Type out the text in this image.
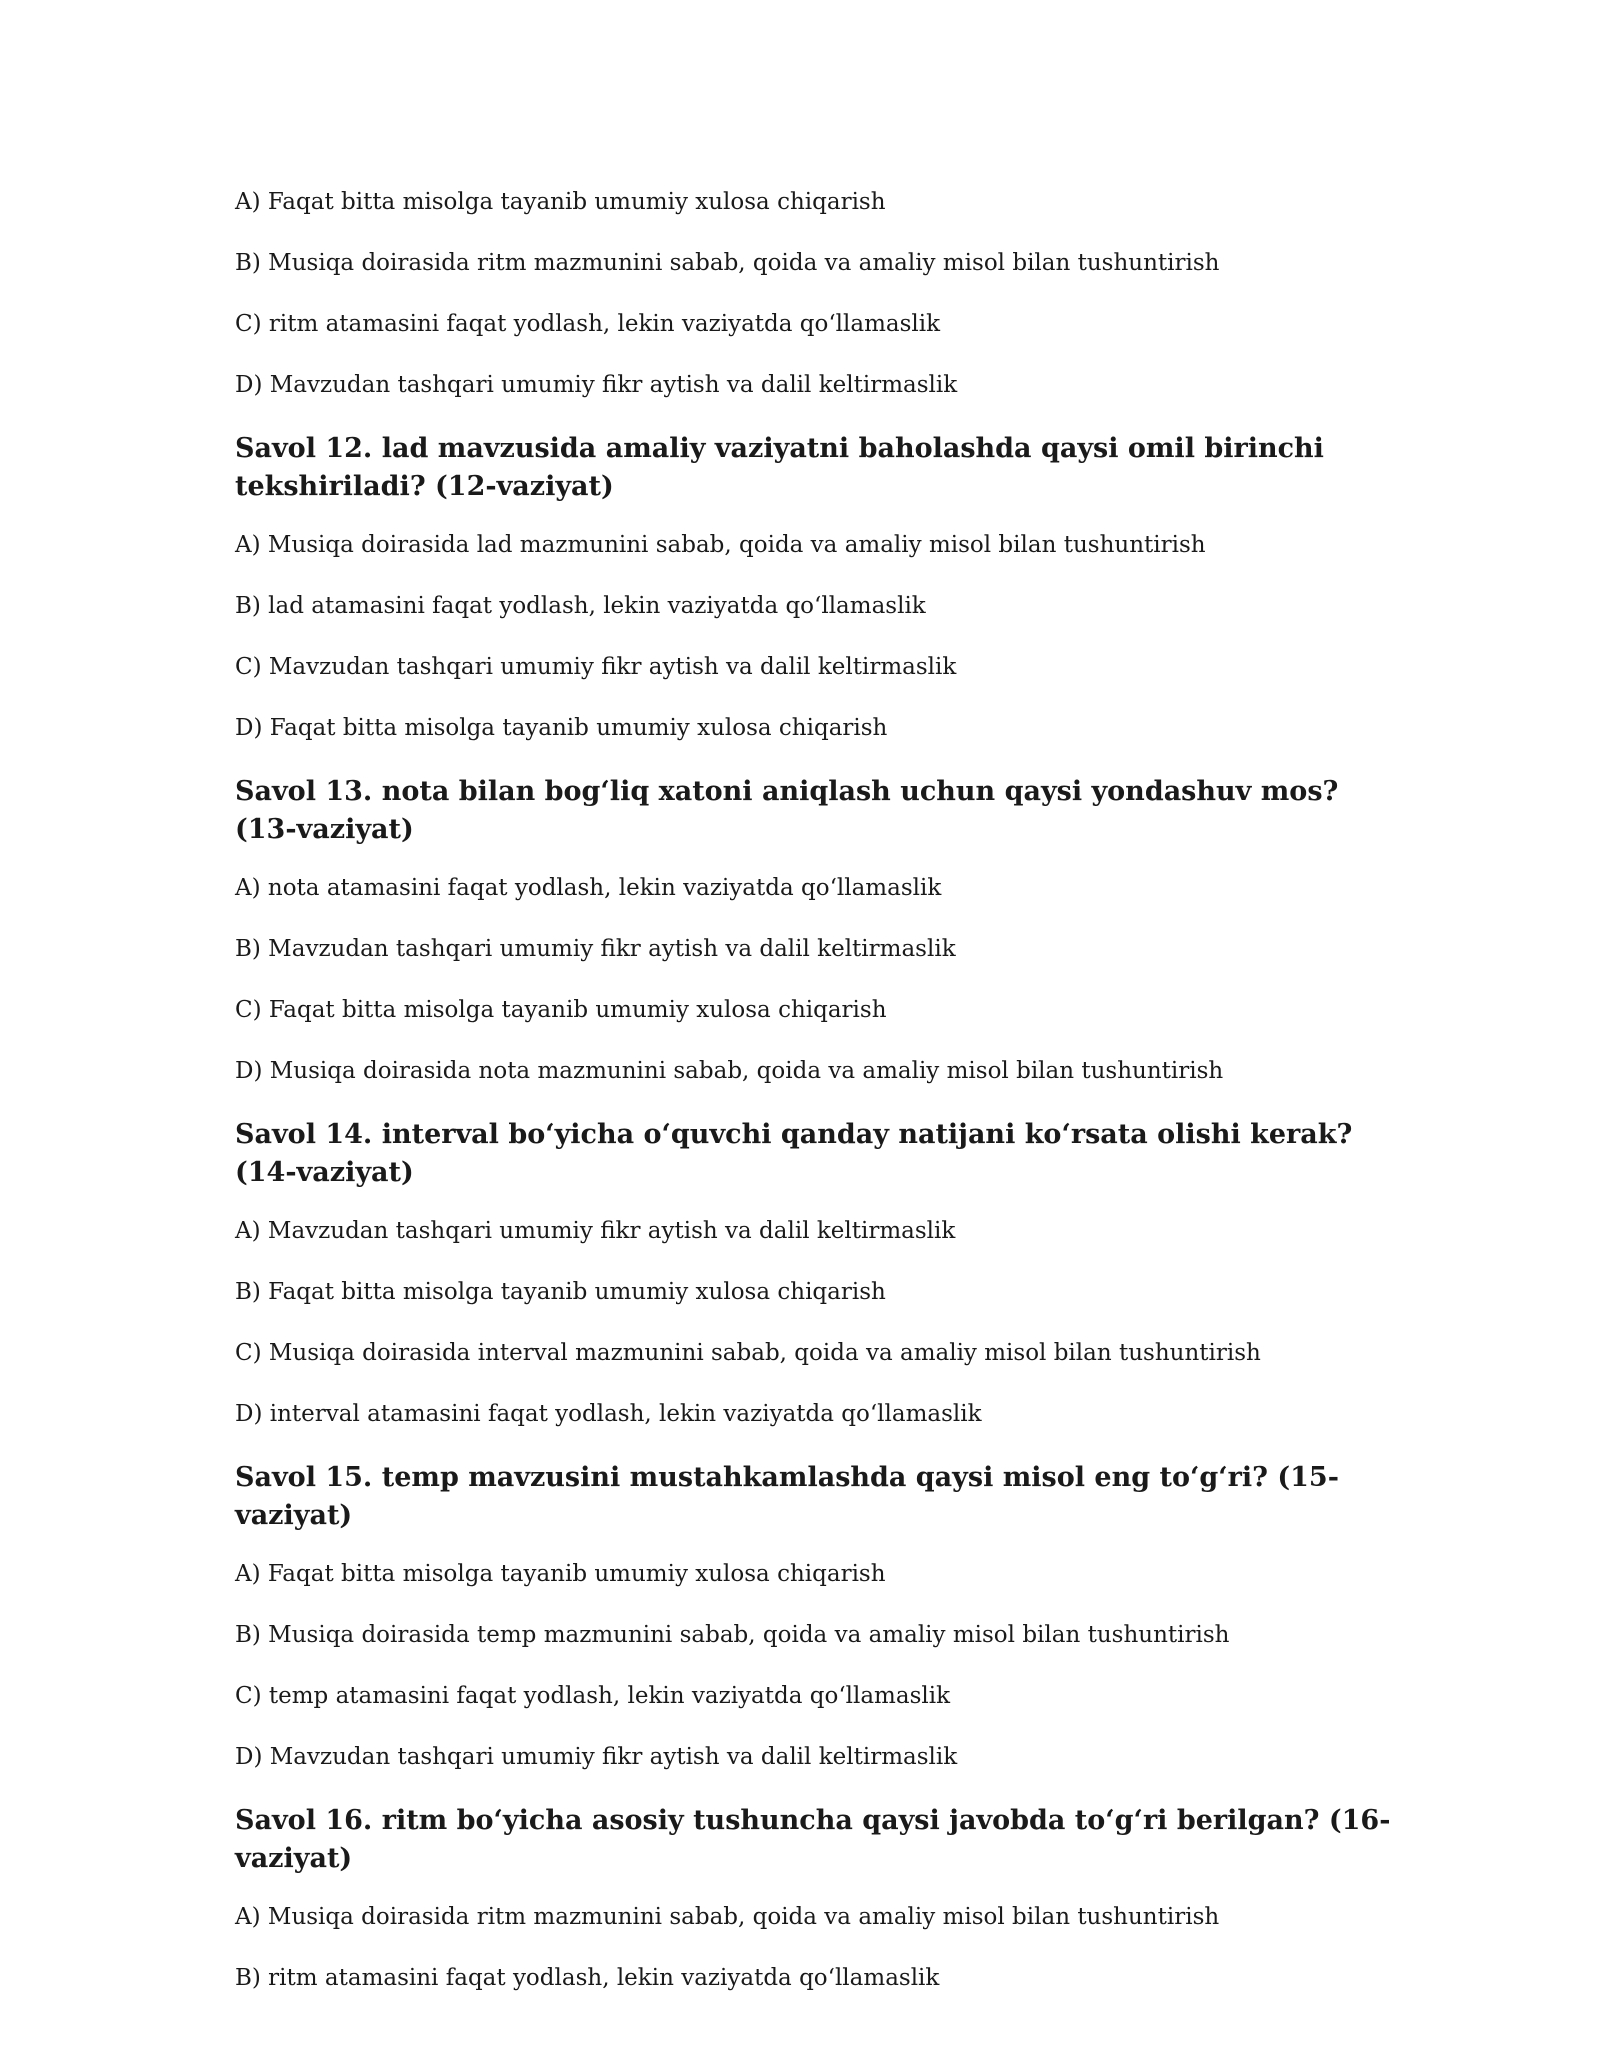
A) Faqat bitta misolga tayanib umumiy xulosa chiqarish
B) Musiqa doirasida ritm mazmunini sabab, qoida va amaliy misol bilan tushuntirish
C) ritm atamasini faqat yodlash, lekin vaziyatda qo‘llamaslik
D) Mavzudan tashqari umumiy fikr aytish va dalil keltirmaslik
Savol 12. lad mavzusida amaliy vaziyatni baholashda qaysi omil birinchi tekshiriladi? (12-vaziyat)
A) Musiqa doirasida lad mazmunini sabab, qoida va amaliy misol bilan tushuntirish
B) lad atamasini faqat yodlash, lekin vaziyatda qo‘llamaslik
C) Mavzudan tashqari umumiy fikr aytish va dalil keltirmaslik
D) Faqat bitta misolga tayanib umumiy xulosa chiqarish
Savol 13. nota bilan bog‘liq xatoni aniqlash uchun qaysi yondashuv mos? (13-vaziyat)
A) nota atamasini faqat yodlash, lekin vaziyatda qo‘llamaslik
B) Mavzudan tashqari umumiy fikr aytish va dalil keltirmaslik
C) Faqat bitta misolga tayanib umumiy xulosa chiqarish
D) Musiqa doirasida nota mazmunini sabab, qoida va amaliy misol bilan tushuntirish
Savol 14. interval bo‘yicha o‘quvchi qanday natijani ko‘rsata olishi kerak? (14-vaziyat)
A) Mavzudan tashqari umumiy fikr aytish va dalil keltirmaslik
B) Faqat bitta misolga tayanib umumiy xulosa chiqarish
C) Musiqa doirasida interval mazmunini sabab, qoida va amaliy misol bilan tushuntirish
D) interval atamasini faqat yodlash, lekin vaziyatda qo‘llamaslik
Savol 15. temp mavzusini mustahkamlashda qaysi misol eng to‘g‘ri? (15-vaziyat)
A) Faqat bitta misolga tayanib umumiy xulosa chiqarish
B) Musiqa doirasida temp mazmunini sabab, qoida va amaliy misol bilan tushuntirish
C) temp atamasini faqat yodlash, lekin vaziyatda qo‘llamaslik
D) Mavzudan tashqari umumiy fikr aytish va dalil keltirmaslik
Savol 16. ritm bo‘yicha asosiy tushuncha qaysi javobda to‘g‘ri berilgan? (16-vaziyat)
A) Musiqa doirasida ritm mazmunini sabab, qoida va amaliy misol bilan tushuntirish
B) ritm atamasini faqat yodlash, lekin vaziyatda qo‘llamaslik
